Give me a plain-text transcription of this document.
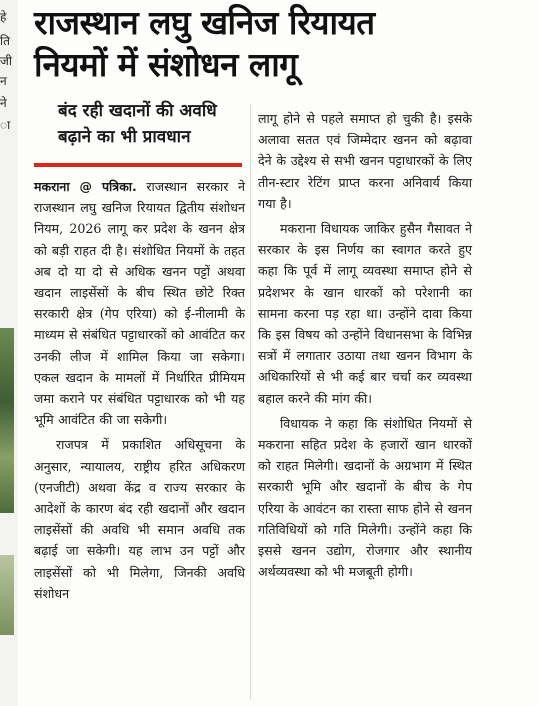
हे
ति
जी
न
ने
ा
राजस्थान लघु खनिज रियायत
नियमों में संशोधन लागू
बंद रही खदानों की अवधि बढ़ाने का भी प्रावधान

मकराना @ पत्रिका. राजस्थान सरकार ने राजस्थान लघु खनिज रियायत द्वितीय संशोधन नियम, 2026 लागू कर प्रदेश के खनन क्षेत्र को बड़ी राहत दी है। संशोधित नियमों के तहत अब दो या दो से अधिक खनन पट्टों अथवा खदान लाइसेंसों के बीच स्थित छोटे रिक्त सरकारी क्षेत्र (गेप एरिया) को ई-नीलामी के माध्यम से संबंधित पट्टाधारकों को आवंटित कर उनकी लीज में शामिल किया जा सकेगा। एकल खदान के मामलों में निर्धारित प्रीमियम जमा कराने पर संबंधित पट्टाधारक को भी यह भूमि आवंटित की जा सकेगी।

राजपत्र में प्रकाशित अधिसूचना के अनुसार, न्यायालय, राष्ट्रीय हरित अधिकरण (एनजीटी) अथवा केंद्र व राज्य सरकार के आदेशों के कारण बंद रही खदानों और खदान लाइसेंसों की अवधि भी समान अवधि तक बढ़ाई जा सकेगी। यह लाभ उन पट्टों और लाइसेंसों को भी मिलेगा, जिनकी अवधि संशोधन

लागू होने से पहले समाप्त हो चुकी है। इसके अलावा सतत एवं जिम्मेदार खनन को बढ़ावा देने के उद्देश्य से सभी खनन पट्टाधारकों के लिए तीन-स्टार रेटिंग प्राप्त करना अनिवार्य किया गया है।

मकराना विधायक जाकिर हुसैन गैसावत ने सरकार के इस निर्णय का स्वागत करते हुए कहा कि पूर्व में लागू व्यवस्था समाप्त होने से प्रदेशभर के खान धारकों को परेशानी का सामना करना पड़ रहा था। उन्होंने दावा किया कि इस विषय को उन्होंने विधानसभा के विभिन्न सत्रों में लगातार उठाया तथा खनन विभाग के अधिकारियों से भी कई बार चर्चा कर व्यवस्था बहाल करने की मांग की।

विधायक ने कहा कि संशोधित नियमों से मकराना सहित प्रदेश के हजारों खान धारकों को राहत मिलेगी। खदानों के अग्रभाग में स्थित सरकारी भूमि और खदानों के बीच के गेप एरिया के आवंटन का रास्ता साफ होने से खनन गतिविधियों को गति मिलेगी। उन्होंने कहा कि इससे खनन उद्योग, रोजगार और स्थानीय अर्थव्यवस्था को भी मजबूती होगी।
